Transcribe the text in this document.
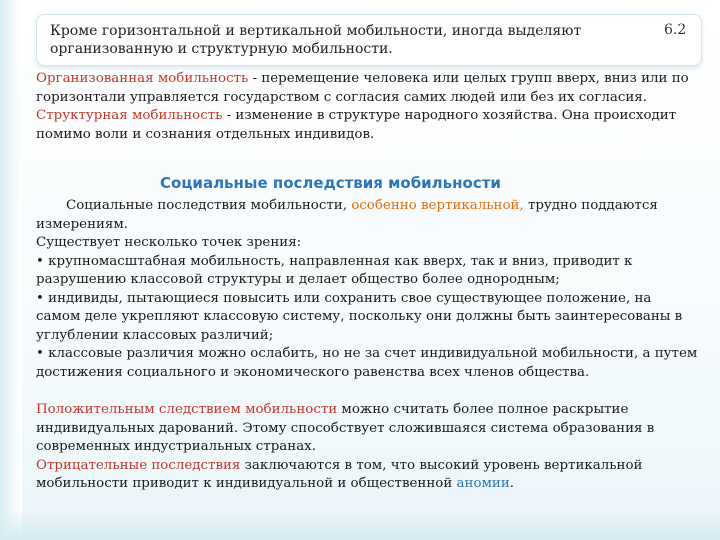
Кроме горизонтальной и вертикальной мобильности, иногда выделяют организованную и структурную мобильности.
6.2

Организованная мобильность - перемещение человека или целых групп вверх, вниз или по горизонтали управляется государством с согласия самих людей или без их согласия.

Структурная мобильность - изменение в структуре народного хозяйства. Она происходит помимо воли и сознания отдельных индивидов.

Социальные последствия мобильности

Социальные последствия мобильности, особенно вертикальной, трудно поддаются измерениям.

Существует несколько точек зрения:

• крупномасштабная мобильность, направленная как вверх, так и вниз, приводит к разрушению классовой структуры и делает общество более однородным;

• индивиды, пытающиеся повысить или сохранить свое существующее положение, на самом деле укрепляют классовую систему, поскольку они должны быть заинтересованы в углублении классовых различий;

• классовые различия можно ослабить, но не за счет индивидуальной мобильности, а путем достижения социального и экономического равенства всех членов общества.

Положительным следствием мобильности можно считать более полное раскрытие индивидуальных дарований. Этому способствует сложившаяся система образования в современных индустриальных странах.

Отрицательные последствия заключаются в том, что высокий уровень вертикальной мобильности приводит к индивидуальной и общественной аномии.
